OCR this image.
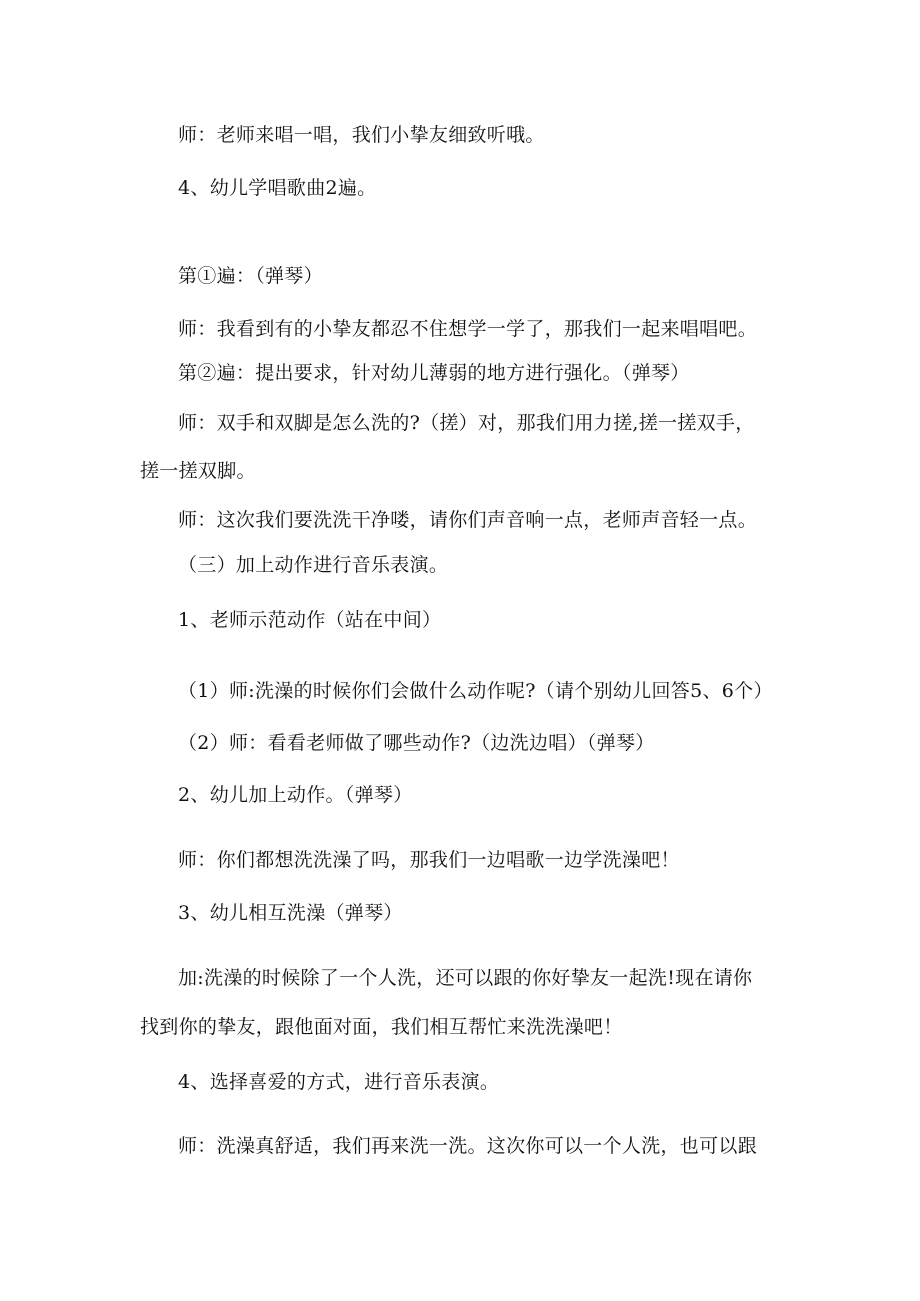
师：老师来唱一唱，我们小挚友细致听哦。
4、幼儿学唱歌曲2遍。
第①遍：（弹琴）
师：我看到有的小挚友都忍不住想学一学了，那我们一起来唱唱吧。
第②遍：提出要求，针对幼儿薄弱的地方进行强化。（弹琴）
师：双手和双脚是怎么洗的?（搓）对，那我们用力搓,搓一搓双手，
搓一搓双脚。
师：这次我们要洗洗干净喽，请你们声音响一点，老师声音轻一点。
（三）加上动作进行音乐表演。
1、老师示范动作（站在中间）
（1）师:洗澡的时候你们会做什么动作呢?（请个别幼儿回答5、6个）
（2）师：看看老师做了哪些动作?（边洗边唱）（弹琴）
2、幼儿加上动作。（弹琴）
师：你们都想洗洗澡了吗，那我们一边唱歌一边学洗澡吧！
3、幼儿相互洗澡（弹琴）
加:洗澡的时候除了一个人洗，还可以跟的你好挚友一起洗!现在请你
找到你的挚友，跟他面对面，我们相互帮忙来洗洗澡吧！
4、选择喜爱的方式，进行音乐表演。
师：洗澡真舒适，我们再来洗一洗。这次你可以一个人洗，也可以跟
